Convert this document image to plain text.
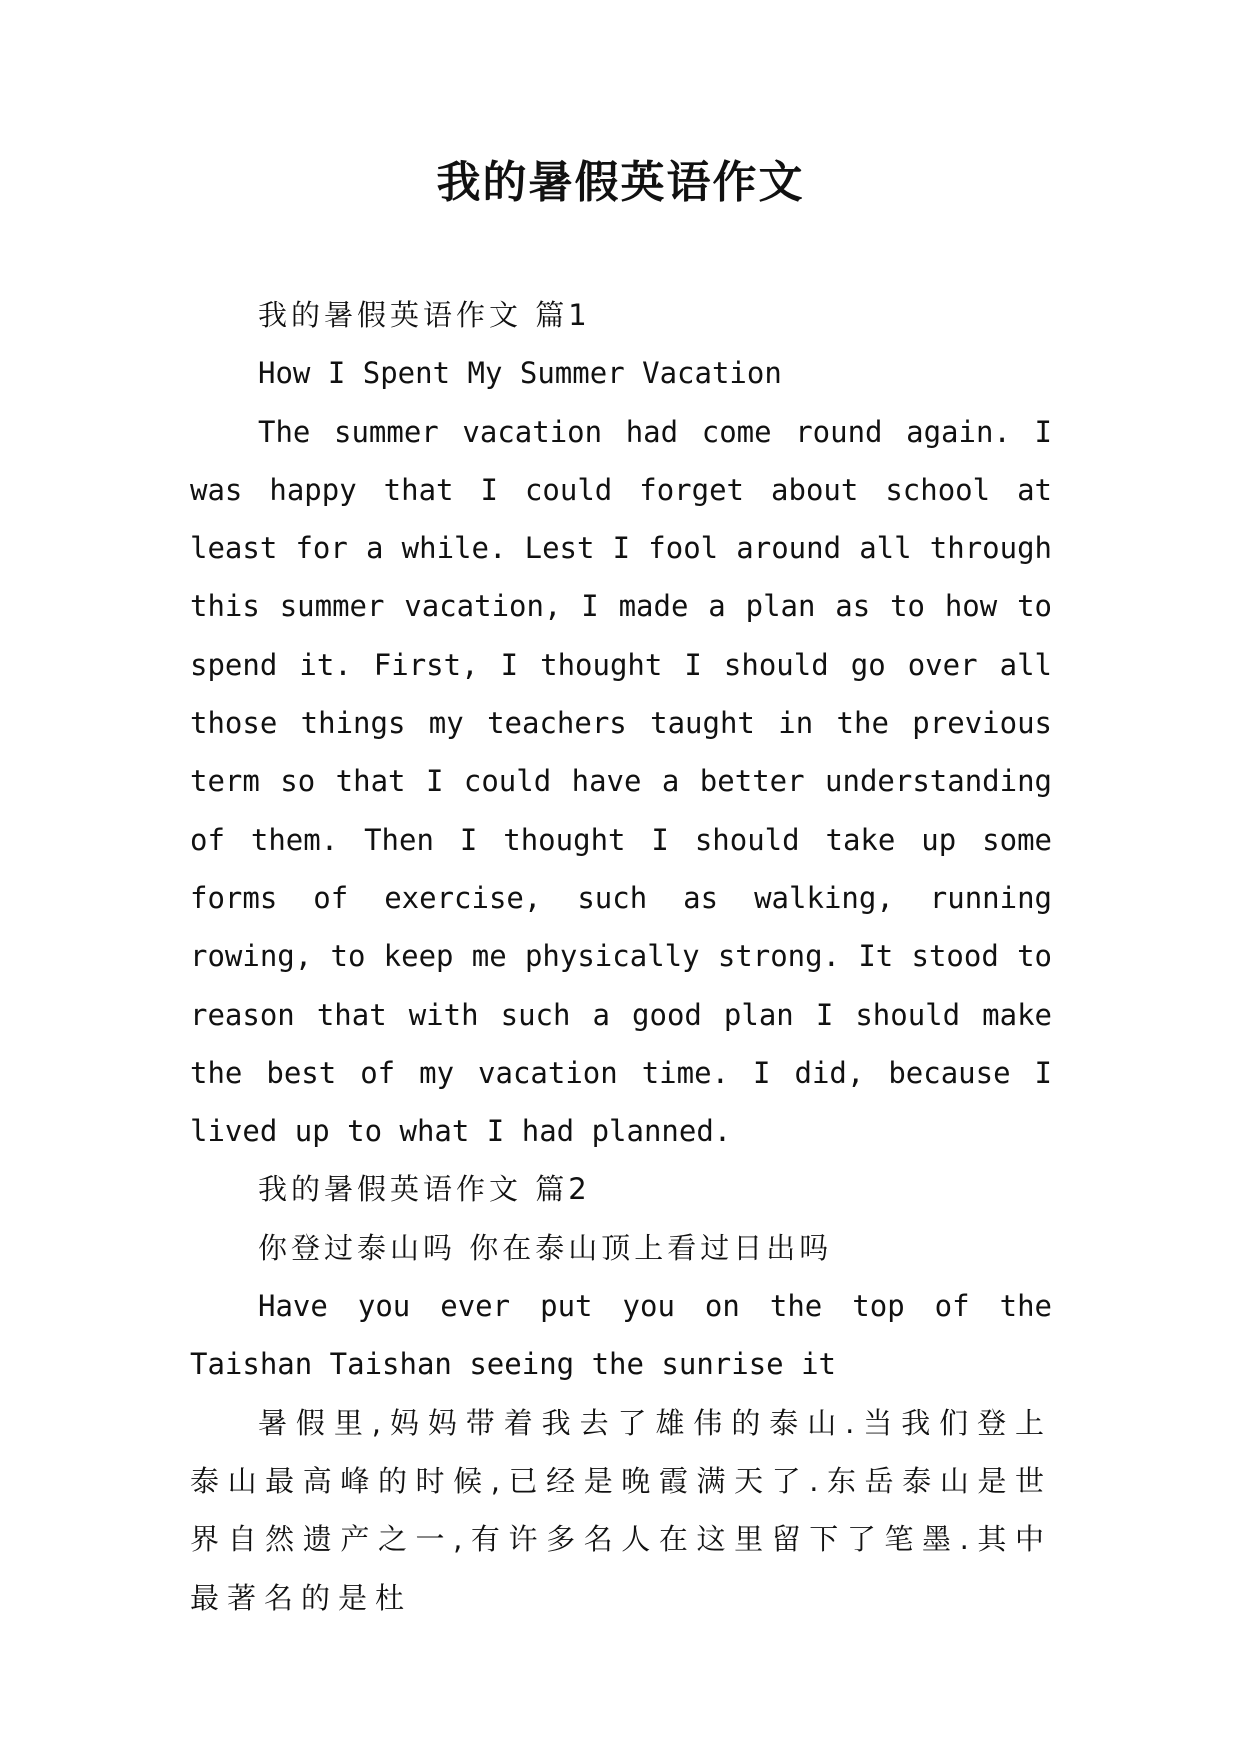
我的暑假英语作文

我的暑假英语作文 篇1

How I Spent My Summer Vacation

The summer vacation had come round again. I was happy that I could forget about school at least for a while. Lest I fool around all through this summer vacation, I made a plan as to how to spend it. First, I thought I should go over all those things my teachers taught in the previous term so that I could have a better understanding of them. Then I thought I should take up some forms of exercise, such as walking, running rowing, to keep me physically strong. It stood to reason that with such a good plan I should make the best of my vacation time. I did, because I lived up to what I had planned.

我的暑假英语作文 篇2

你登过泰山吗 你在泰山顶上看过日出吗

Have you ever put you on the top of the Taishan Taishan seeing the sunrise it

暑假里,妈妈带着我去了雄伟的泰山.当我们登上泰山最高峰的时候,已经是晚霞满天了.东岳泰山是世界自然遗产之一,有许多名人在这里留下了笔墨.其中最著名的是杜
